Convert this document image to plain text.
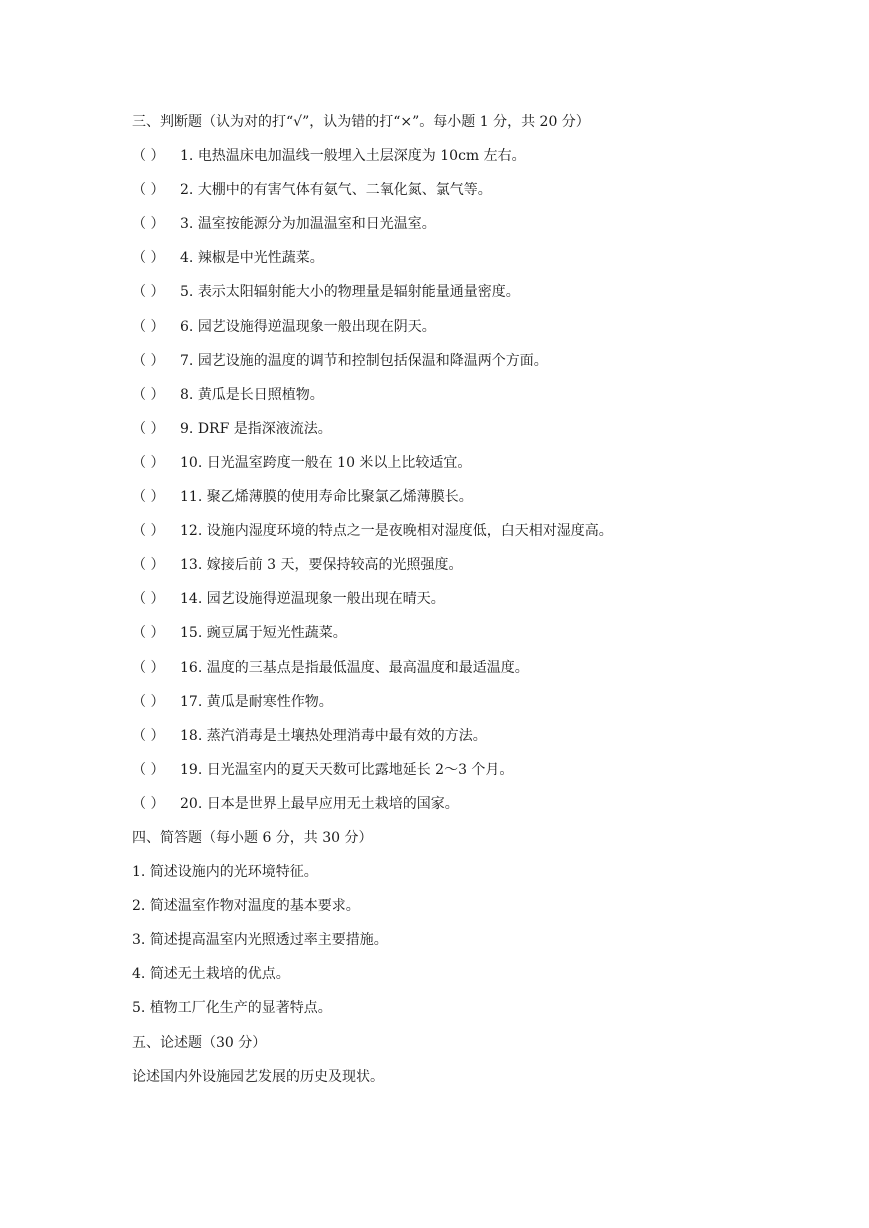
三、判断题（认为对的打“√”，认为错的打“×”。每小题 1 分，共 20 分）
（ ） 1. 电热温床电加温线一般埋入土层深度为 10cm 左右。
（ ） 2. 大棚中的有害气体有氨气、二氧化氮、氯气等。
（ ） 3. 温室按能源分为加温温室和日光温室。
（ ） 4. 辣椒是中光性蔬菜。
（ ） 5. 表示太阳辐射能大小的物理量是辐射能量通量密度。
（ ） 6. 园艺设施得逆温现象一般出现在阴天。
（ ） 7. 园艺设施的温度的调节和控制包括保温和降温两个方面。
（ ） 8. 黄瓜是长日照植物。
（ ） 9. DRF 是指深液流法。
（ ） 10. 日光温室跨度一般在 10 米以上比较适宜。
（ ） 11. 聚乙烯薄膜的使用寿命比聚氯乙烯薄膜长。
（ ） 12. 设施内湿度环境的特点之一是夜晚相对湿度低，白天相对湿度高。
（ ） 13. 嫁接后前 3 天，要保持较高的光照强度。
（ ） 14. 园艺设施得逆温现象一般出现在晴天。
（ ） 15. 豌豆属于短光性蔬菜。
（ ） 16. 温度的三基点是指最低温度、最高温度和最适温度。
（ ） 17. 黄瓜是耐寒性作物。
（ ） 18. 蒸汽消毒是土壤热处理消毒中最有效的方法。
（ ） 19. 日光温室内的夏天天数可比露地延长 2～3 个月。
（ ） 20. 日本是世界上最早应用无土栽培的国家。
四、简答题（每小题 6 分，共 30 分）
1. 简述设施内的光环境特征。
2. 简述温室作物对温度的基本要求。
3. 简述提高温室内光照透过率主要措施。
4. 简述无土栽培的优点。
5. 植物工厂化生产的显著特点。
五、论述题（30 分）
论述国内外设施园艺发展的历史及现状。
